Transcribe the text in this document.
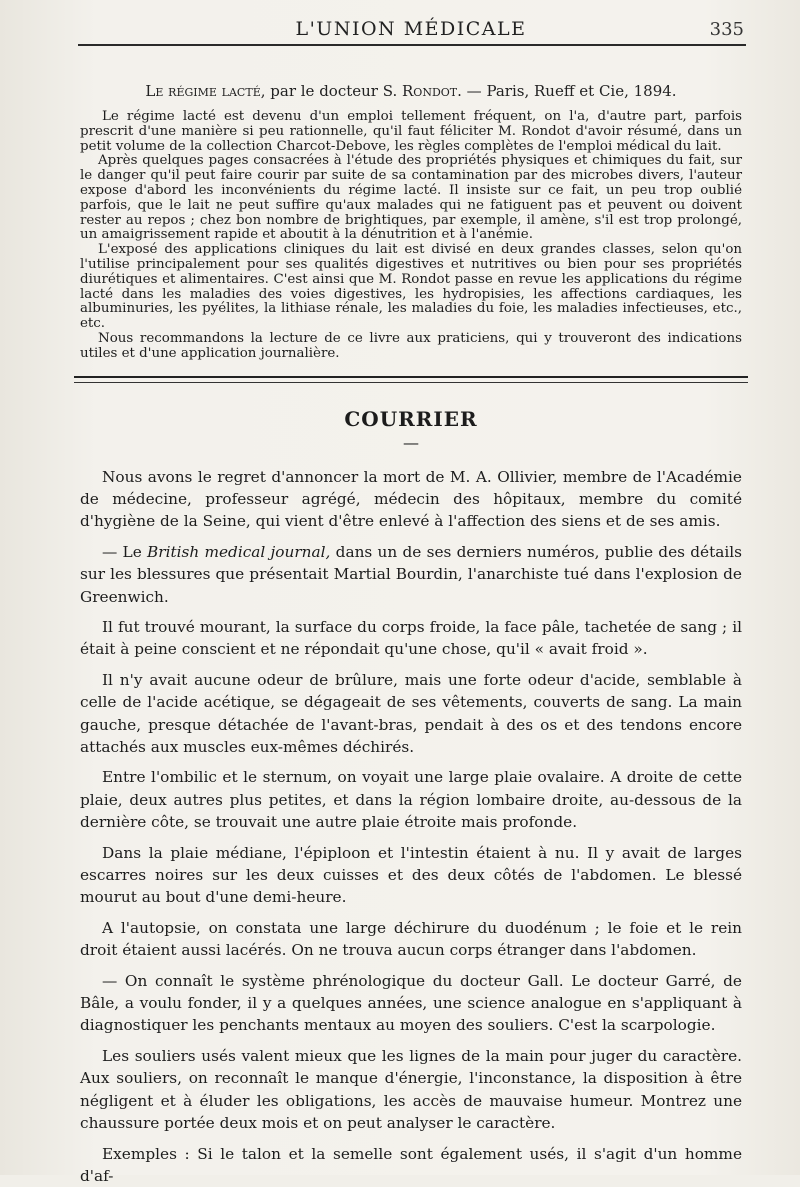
L'UNION MÉDICALE	335
Le régime lacté, par le docteur S. Rondot. — Paris, Rueff et Cie, 1894.

Le régime lacté est devenu d'un emploi tellement fréquent, on l'a, d'autre part, parfois prescrit d'une manière si peu rationnelle, qu'il faut féliciter M. Rondot d'avoir résumé, dans un petit volume de la collection Charcot-Debove, les règles complètes de l'emploi médical du lait.

Après quelques pages consacrées à l'étude des propriétés physiques et chimiques du fait, sur le danger qu'il peut faire courir par suite de sa contamination par des microbes divers, l'auteur expose d'abord les inconvénients du régime lacté. Il insiste sur ce fait, un peu trop oublié parfois, que le lait ne peut suffire qu'aux malades qui ne fatiguent pas et peuvent ou doivent rester au repos ; chez bon nombre de brightiques, par exemple, il amène, s'il est trop prolongé, un amaigrissement rapide et aboutit à la dénutrition et à l'anémie.

L'exposé des applications cliniques du lait est divisé en deux grandes classes, selon qu'on l'utilise principalement pour ses qualités digestives et nutritives ou bien pour ses propriétés diurétiques et alimentaires. C'est ainsi que M. Rondot passe en revue les applications du régime lacté dans les maladies des voies digestives, les hydropisies, les affections cardiaques, les albuminuries, les pyélites, la lithiase rénale, les maladies du foie, les maladies infectieuses, etc., etc.

Nous recommandons la lecture de ce livre aux praticiens, qui y trouveront des indications utiles et d'une application journalière.

COURRIER
—

Nous avons le regret d'annoncer la mort de M. A. Ollivier, membre de l'Académie de médecine, professeur agrégé, médecin des hôpitaux, membre du comité d'hygiène de la Seine, qui vient d'être enlevé à l'affection des siens et de ses amis.

— Le British medical journal, dans un de ses derniers numéros, publie des détails sur les blessures que présentait Martial Bourdin, l'anarchiste tué dans l'explosion de Greenwich.

Il fut trouvé mourant, la surface du corps froide, la face pâle, tachetée de sang ; il était à peine conscient et ne répondait qu'une chose, qu'il « avait froid ».

Il n'y avait aucune odeur de brûlure, mais une forte odeur d'acide, semblable à celle de l'acide acétique, se dégageait de ses vêtements, couverts de sang. La main gauche, presque détachée de l'avant-bras, pendait à des os et des tendons encore attachés aux muscles eux-mêmes déchirés.

Entre l'ombilic et le sternum, on voyait une large plaie ovalaire. A droite de cette plaie, deux autres plus petites, et dans la région lombaire droite, au-dessous de la dernière côte, se trouvait une autre plaie étroite mais profonde.

Dans la plaie médiane, l'épiploon et l'intestin étaient à nu. Il y avait de larges escarres noires sur les deux cuisses et des deux côtés de l'abdomen. Le blessé mourut au bout d'une demi-heure.

A l'autopsie, on constata une large déchirure du duodénum ; le foie et le rein droit étaient aussi lacérés. On ne trouva aucun corps étranger dans l'abdomen.

— On connaît le système phrénologique du docteur Gall. Le docteur Garré, de Bâle, a voulu fonder, il y a quelques années, une science analogue en s'appliquant à diagnostiquer les penchants mentaux au moyen des souliers. C'est la scarpologie.

Les souliers usés valent mieux que les lignes de la main pour juger du caractère. Aux souliers, on reconnaît le manque d'énergie, l'inconstance, la disposition à être négligent et à éluder les obligations, les accès de mauvaise humeur. Montrez une chaussure portée deux mois et on peut analyser le caractère.

Exemples : Si le talon et la semelle sont également usés, il s'agit d'un homme d'af-
